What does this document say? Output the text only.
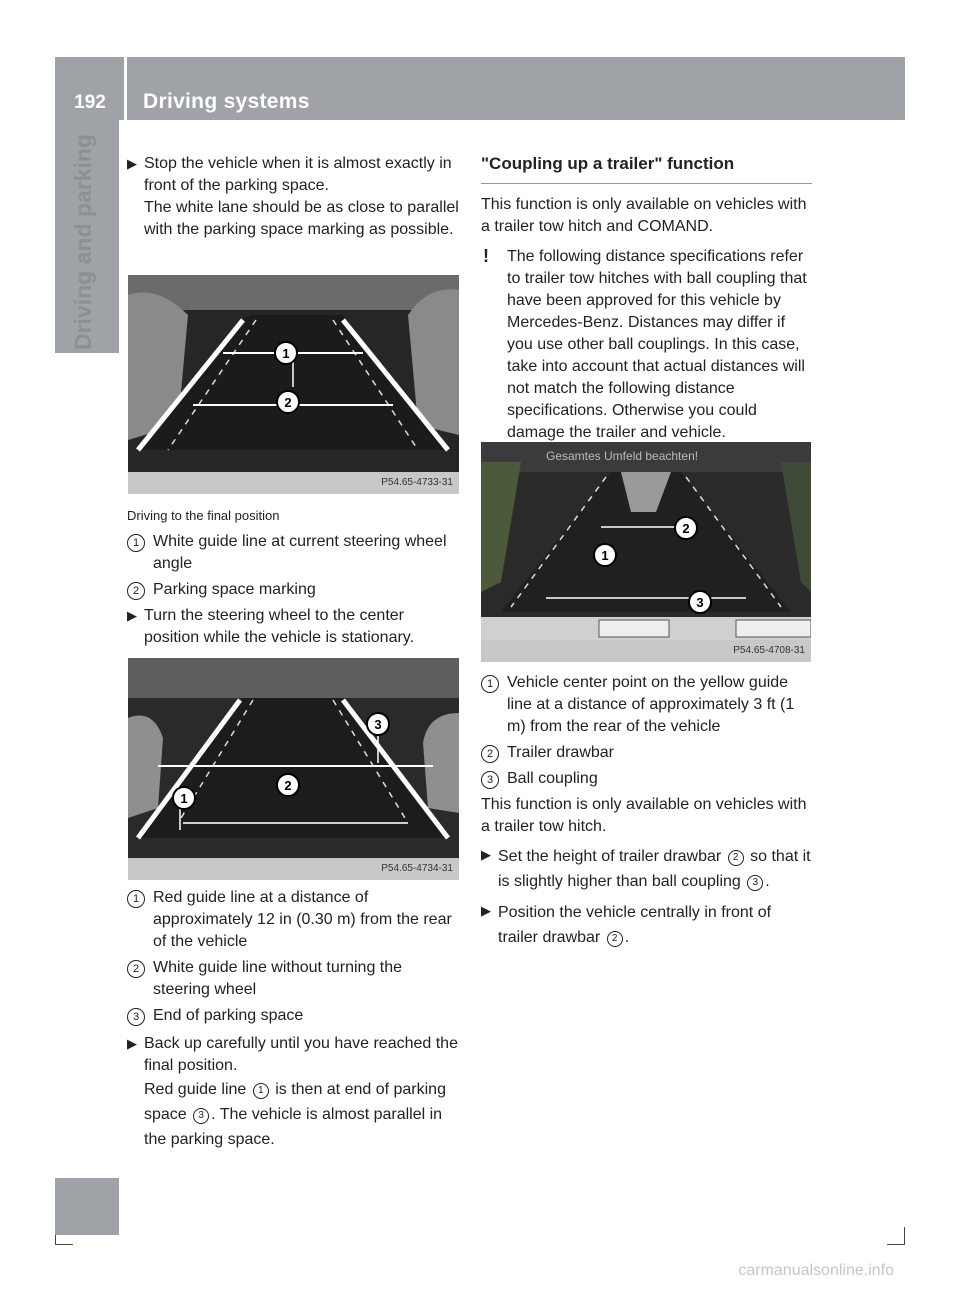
192	Driving systems
▶ Stop the vehicle when it is almost exactly in front of the parking space.

The white lane should be as close to parallel with the parking space marking as possible.

1
2
P54.65-4733-31

Driving to the final position

1 White guide line at current steering wheel angle

2 Parking space marking

▶ Turn the steering wheel to the center position while the vehicle is stationary.

1
2
3
P54.65-4734-31
1 Red guide line at a distance of approximately 12 in (0.30 m) from the rear of the vehicle

2 White guide line without turning the steering wheel

3 End of parking space

▶ Back up carefully until you have reached the final position.

Red guide line 1 is then at end of parking space 3 . The vehicle is almost parallel in the parking space.

"Coupling up a trailer" function

This function is only available on vehicles with a trailer tow hitch and COMAND.

! The following distance specifications refer to trailer tow hitches with ball coupling that have been approved for this vehicle by Mercedes-Benz. Distances may differ if you use other ball couplings. In this case, take into account that actual distances will not match the following distance specifications. Otherwise you could damage the trailer and vehicle.

Gesamtes Umfeld beachten!
2
1
3
P54.65-4708-31
1 Vehicle center point on the yellow guide line at a distance of approximately 3 ft (1 m) from the rear of the vehicle

2 Trailer drawbar

3 Ball coupling

This function is only available on vehicles with a trailer tow hitch.

▶ Set the height of trailer drawbar 2 so that it is slightly higher than ball coupling 3 .

▶ Position the vehicle centrally in front of trailer drawbar 2 .

carmanualsonline.info
